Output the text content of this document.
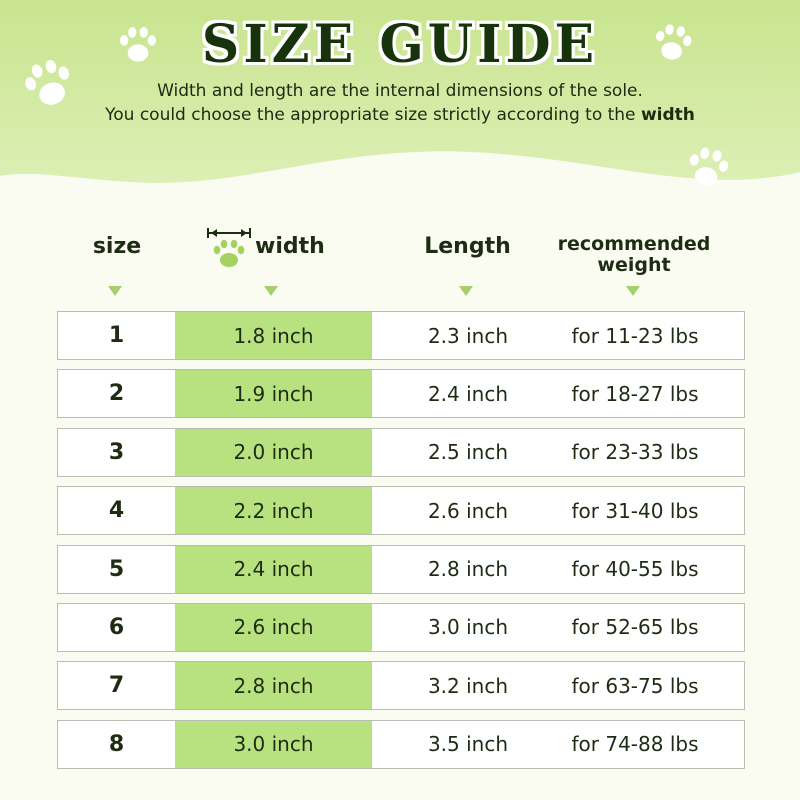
SIZE GUIDE
Width and length are the internal dimensions of the sole.
You could choose the appropriate size strictly according to the width
size	width	Length	recommended
weight
1	1.8 inch	2.3 inch	for 11-23 lbs
2	1.9 inch	2.4 inch	for 18-27 lbs
3	2.0 inch	2.5 inch	for 23-33 lbs
4	2.2 inch	2.6 inch	for 31-40 lbs
5	2.4 inch	2.8 inch	for 40-55 lbs
6	2.6 inch	3.0 inch	for 52-65 lbs
7	2.8 inch	3.2 inch	for 63-75 lbs
8	3.0 inch	3.5 inch	for 74-88 lbs
